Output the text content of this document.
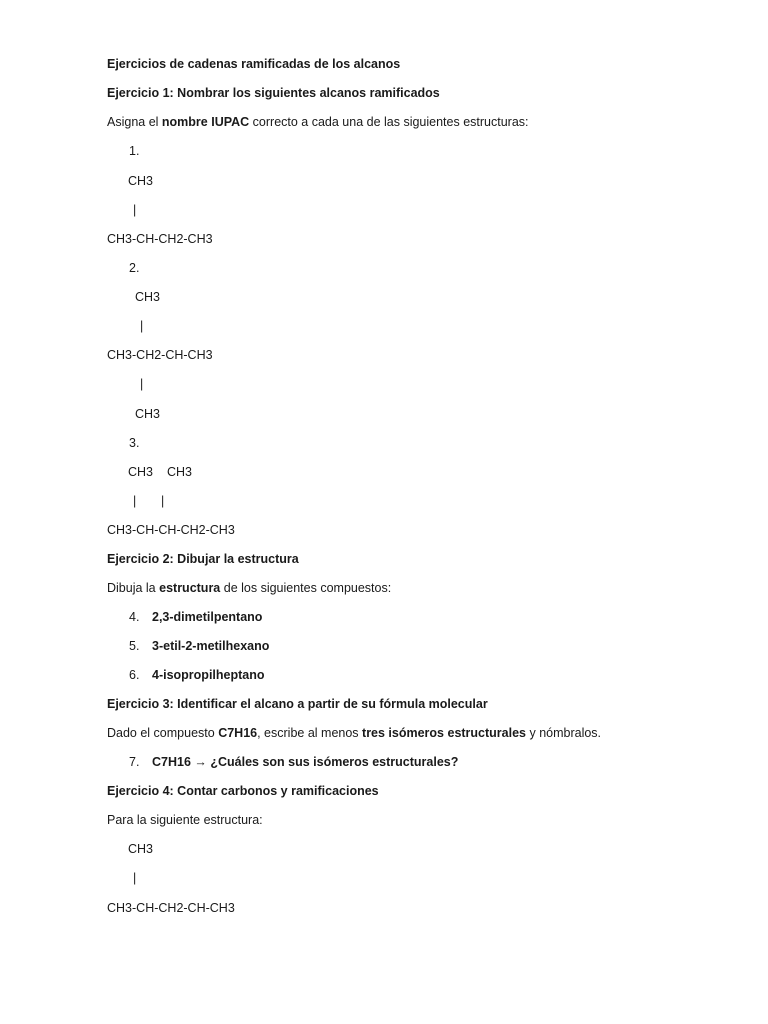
Ejercicios de cadenas ramificadas de los alcanos
Ejercicio 1: Nombrar los siguientes alcanos ramificados
Asigna el nombre IUPAC correcto a cada una de las siguientes estructuras:
1.
CH3
|
CH3-CH-CH2-CH3
2.
CH3
|
CH3-CH2-CH-CH3
|
CH3
3.
CH3 CH3
| |
CH3-CH-CH-CH2-CH3
Ejercicio 2: Dibujar la estructura
Dibuja la estructura de los siguientes compuestos:
4. 2,3-dimetilpentano
5. 3-etil-2-metilhexano
6. 4-isopropilheptano
Ejercicio 3: Identificar el alcano a partir de su fórmula molecular
Dado el compuesto C7H16, escribe al menos tres isómeros estructurales y nómbralos.
7. C7H16 → ¿Cuáles son sus isómeros estructurales?
Ejercicio 4: Contar carbonos y ramificaciones
Para la siguiente estructura:
CH3
|
CH3-CH-CH2-CH-CH3
